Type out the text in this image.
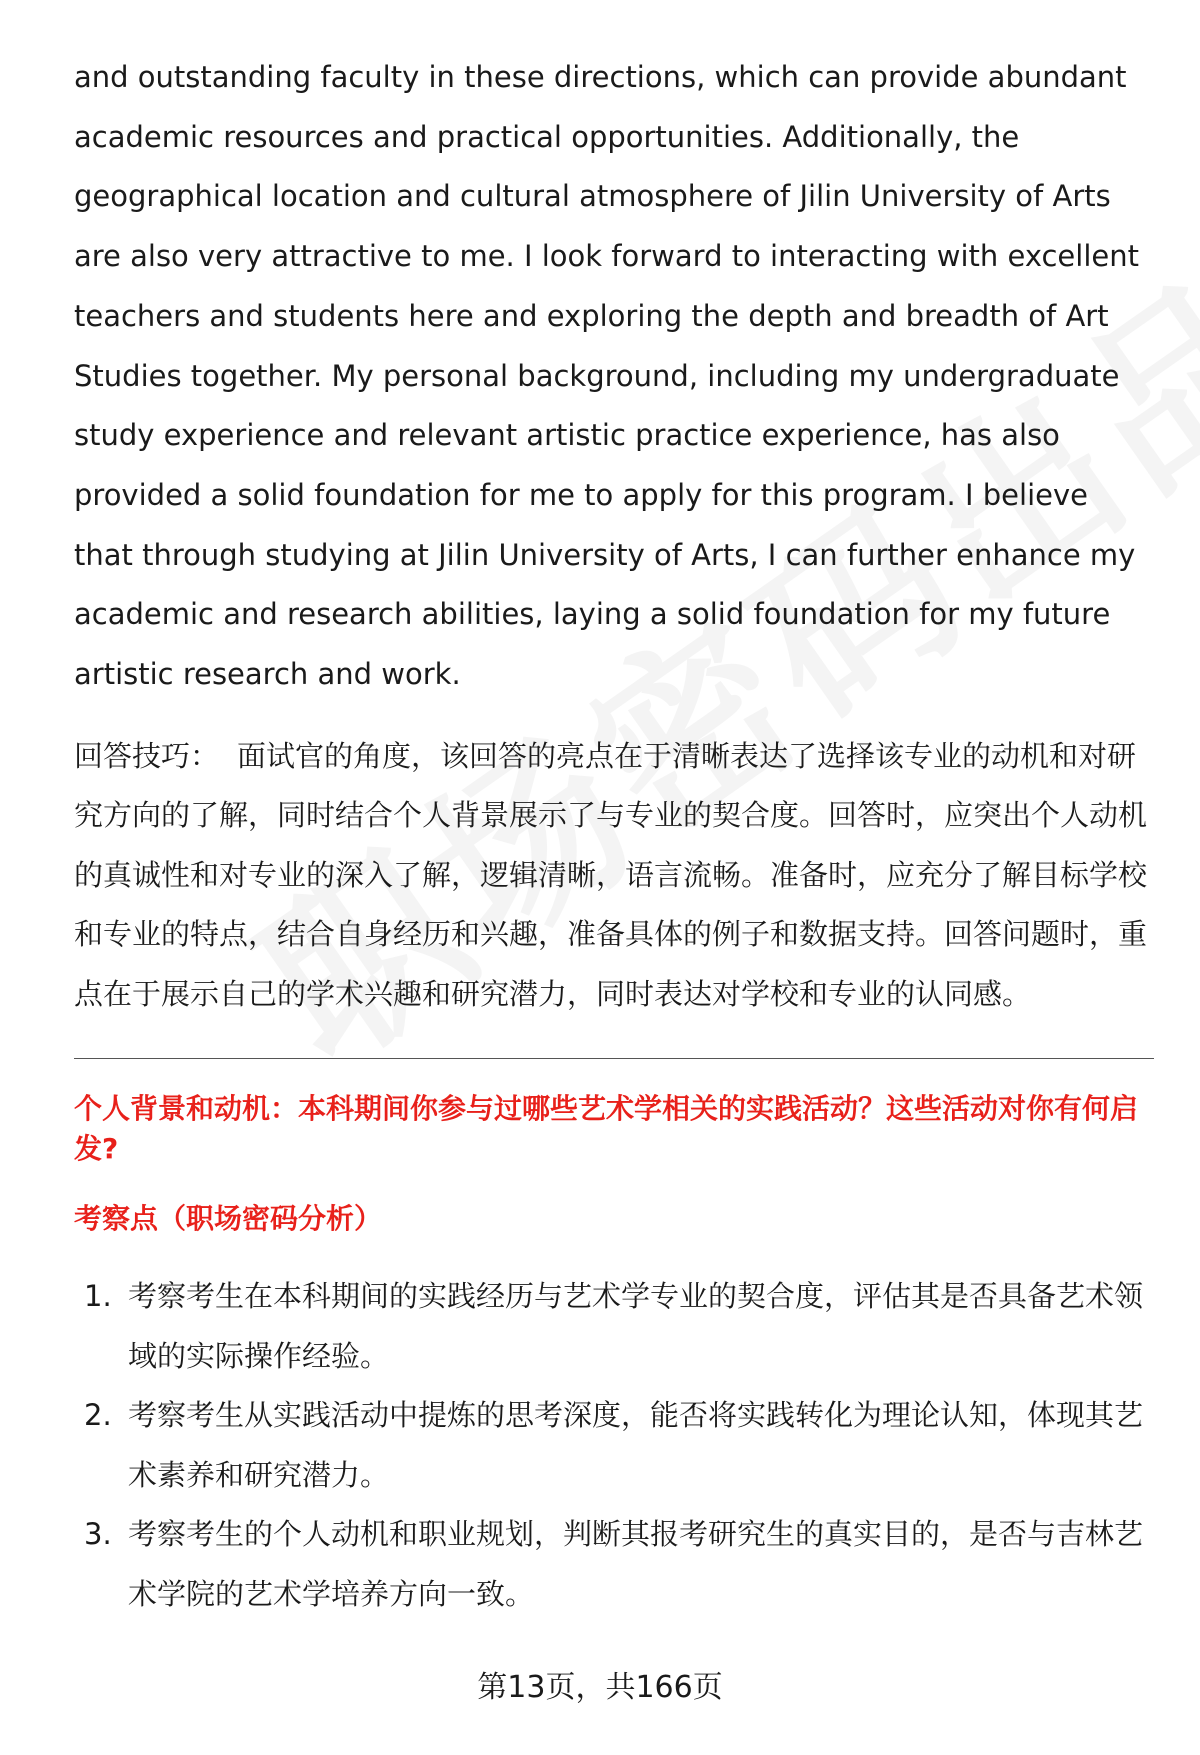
and outstanding faculty in these directions, which can provide abundant academic resources and practical opportunities. Additionally, the geographical location and cultural atmosphere of Jilin University of Arts are also very attractive to me. I look forward to interacting with excellent teachers and students here and exploring the depth and breadth of Art Studies together. My personal background, including my undergraduate study experience and relevant artistic practice experience, has also provided a solid foundation for me to apply for this program. I believe that through studying at Jilin University of Arts, I can further enhance my academic and research abilities, laying a solid foundation for my future artistic research and work.

回答技巧： 面试官的角度，该回答的亮点在于清晰表达了选择该专业的动机和对研究方向的了解，同时结合个人背景展示了与专业的契合度。回答时，应突出个人动机的真诚性和对专业的深入了解，逻辑清晰，语言流畅。准备时，应充分了解目标学校和专业的特点，结合自身经历和兴趣，准备具体的例子和数据支持。回答问题时，重点在于展示自己的学术兴趣和研究潜力，同时表达对学校和专业的认同感。

个人背景和动机：本科期间你参与过哪些艺术学相关的实践活动？这些活动对你有何启发?
考察点（职场密码分析）
1. 考察考生在本科期间的实践经历与艺术学专业的契合度，评估其是否具备艺术领域的实际操作经验。
2. 考察考生从实践活动中提炼的思考深度，能否将实践转化为理论认知，体现其艺术素养和研究潜力。
3. 考察考生的个人动机和职业规划，判断其报考研究生的真实目的，是否与吉林艺术学院的艺术学培养方向一致。
第13页，共166页
